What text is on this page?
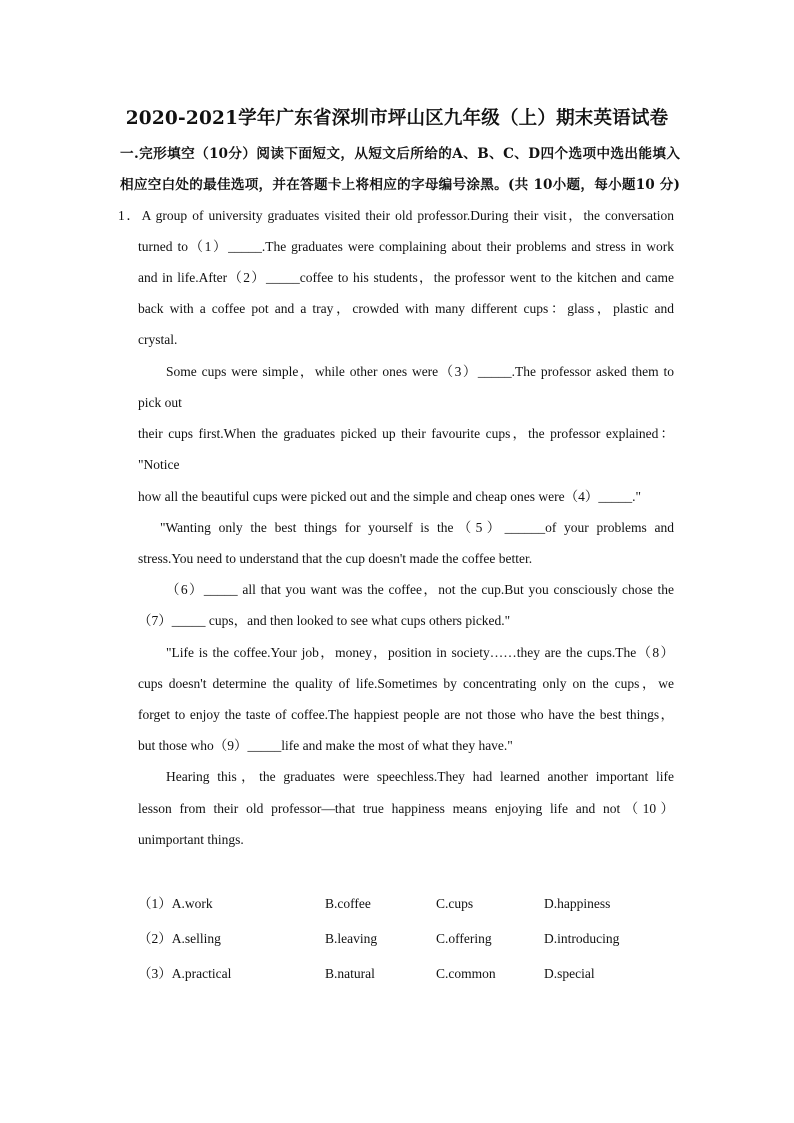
2020-2021学年广东省深圳市坪山区九年级（上）期末英语试卷
一.完形填空（10分）阅读下面短文，从短文后所给的A、B、C、D四个选项中选出能填入
相应空白处的最佳选项，并在答题卡上将相应的字母编号涂黑。(共 10小题，每小题10 分)
1．A group of university graduates visited their old professor.During their visit，the conversation
turned to（1）_____.The graduates were complaining about their problems and stress in work
and in life.After（2）_____coffee to his students，the professor went to the kitchen and came
back with a coffee pot and a tray，crowded with many different cups：glass，plastic and
crystal.
Some cups were simple，while other ones were（3）_____.The professor asked them to
pick out
their cups first.When the graduates picked up their favourite cups，the professor explained：
"Notice
how all the beautiful cups were picked out and the simple and cheap ones were（4）_____."
"Wanting only the best things for yourself is the（5）______of your problems and
stress.You need to understand that the cup doesn't made the coffee better.
（6）_____ all that you want was the coffee，not the cup.But you consciously chose the
（7）_____ cups，and then looked to see what cups others picked."
"Life is the coffee.Your job，money，position in society……they are the cups.The（8）
cups doesn't determine the quality of life.Sometimes by concentrating only on the cups，we
forget to enjoy the taste of coffee.The happiest people are not those who have the best things，
but those who（9）_____life and make the most of what they have."
Hearing this，the graduates were speechless.They had learned another important life
lesson from their old professor—that true happiness means enjoying life and not（10）
unimportant things.
（1）A.work	B.coffee	C.cups	D.happiness
（2）A.selling	B.leaving	C.offering	D.introducing
（3）A.practical	B.natural	C.common	D.special
